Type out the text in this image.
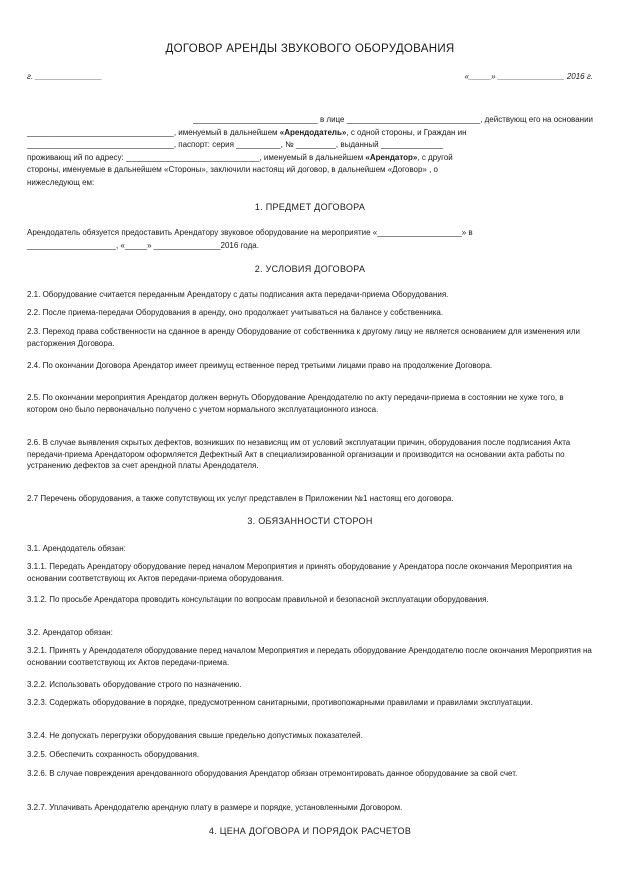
ДОГОВОР АРЕНДЫ ЗВУКОВОГО ОБОРУДОВАНИЯ
г. _______________	«_____» _______________ 2016 г.
____________________________ в лице ______________________________, действующ его на основании
_________________________________, именуемый в дальнейшем «Арендодатель», с одной стороны, и Граждан ин
_________________________________, паспорт: серия __________, № _________, выданный ______________
проживающ ий по адресу: ______________________________, именуемый в дальнейшем «Арендатор», с другой
стороны, именуемые в дальнейшем «Стороны», заключили настоящ ий договор, в дальнейшем «Договор» , о
нижеследующ ем:
1. ПРЕДМЕТ ДОГОВОРА
Арендодатель обязуется предоставить Арендатору звуковое оборудование на мероприятие «___________________» в
____________________, «_____» _______________2016 года.
2. УСЛОВИЯ ДОГОВОРА
2.1. Оборудование считается переданным Арендатору с даты подписания акта передачи-приема Оборудования.
2.2. После приема-передачи Оборудования в аренду, оно продолжает учитываться на балансе у собственника.
2.3. Переход права собственности на сданное в аренду Оборудование от собственника к другому лицу не является основанием для изменения или расторжения Договора.
2.4. По окончании Договора Арендатор имеет преимущ ественное перед третьими лицами право на продолжение Договора.
2.5. По окончании мероприятия Арендатор должен вернуть Оборудование Арендодателю по акту передачи-приема в состоянии не хуже того, в котором оно было первоначально получено с учетом нормального эксплуатационного износа.
2.6. В случае выявления скрытых дефектов, возникших по независящ им от условий эксплуатации причин, оборудования после подписания Акта передачи-приема Арендатором оформляется Дефектный Акт в специализированной организации и производится на основании акта работы по устранению дефектов за счет арендной платы Арендодателя.
2.7 Перечень оборудования, а также сопутствующ их услуг представлен в Приложении №1 настоящ его договора.
3. ОБЯЗАННОСТИ СТОРОН
3.1. Арендодатель обязан:
3.1.1. Передать Арендатору оборудование перед началом Мероприятия и принять оборудование у Арендатора после окончания Мероприятия на основании соответствующ их Актов передачи-приема оборудования.
3.1.2. По просьбе Арендатора проводить консультации по вопросам правильной и безопасной эксплуатации оборудования.
3.2. Арендатор обязан:
3.2.1. Принять у Арендодателя оборудование перед началом Мероприятия и передать оборудование Арендодателю после окончания Мероприятия на основании соответствующ их Актов передачи-приема.
3.2.2. Использовать оборудование строго по назначению.
3.2.3. Содержать оборудование в порядке, предусмотренном санитарными, противопожарными правилами и правилами эксплуатации.
3.2.4. Не допускать перегрузки оборудования свыше предельно допустимых показателей.
3.2.5. Обеспечить сохранность оборудования.
3.2.6. В случае повреждения арендованного оборудования Арендатор обязан отремонтировать данное оборудование за свой счет.
3.2.7. Уплачивать Арендодателю арендную плату в размере и порядке, установленными Договором.
4. ЦЕНА ДОГОВОРА И ПОРЯДОК РАСЧЕТОВ
